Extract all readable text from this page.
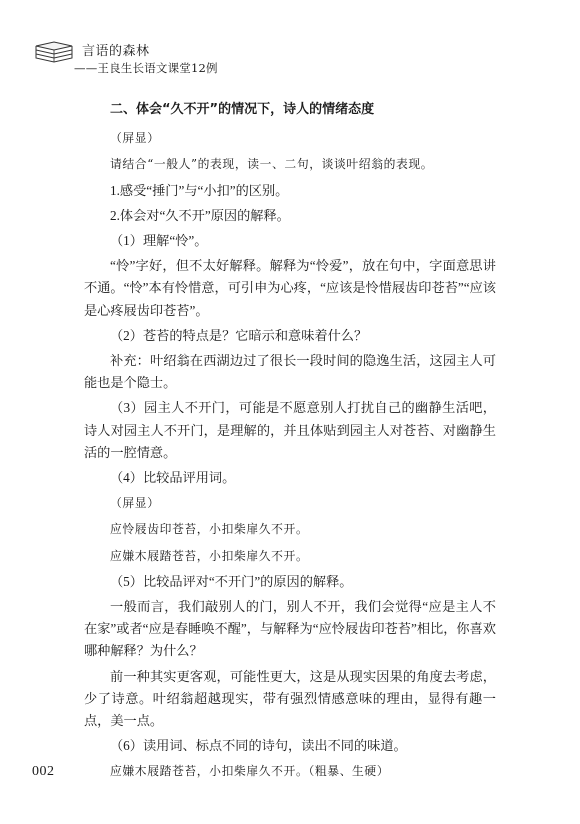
言语的森林
——王良生长语文课堂12例
二、体会“久不开”的情况下，诗人的情绪态度
（屏显）
请结合“一般人”的表现，读一、二句，谈谈叶绍翁的表现。
1.感受“捶门”与“小扣”的区别。
2.体会对“久不开”原因的解释。
（1）理解“怜”。
“怜”字好，但不太好解释。解释为“怜爱”，放在句中，字面意思讲不通。“怜”本有怜惜意，可引申为心疼，“应该是怜惜屐齿印苍苔”“应该是心疼屐齿印苍苔”。
（2）苍苔的特点是？它暗示和意味着什么？
补充：叶绍翁在西湖边过了很长一段时间的隐逸生活，这园主人可能也是个隐士。
（3）园主人不开门，可能是不愿意别人打扰自己的幽静生活吧，诗人对园主人不开门，是理解的，并且体贴到园主人对苍苔、对幽静生活的一腔情意。
（4）比较品评用词。
（屏显）
应怜屐齿印苍苔，小扣柴扉久不开。
应嫌木屐踏苍苔，小扣柴扉久不开。
（5）比较品评对“不开门”的原因的解释。
一般而言，我们敲别人的门，别人不开，我们会觉得“应是主人不在家”或者“应是春睡唤不醒”，与解释为“应怜屐齿印苍苔”相比，你喜欢哪种解释？为什么？
前一种其实更客观，可能性更大，这是从现实因果的角度去考虑，少了诗意。叶绍翁超越现实，带有强烈情感意味的理由，显得有趣一点，美一点。
（6）读用词、标点不同的诗句，读出不同的味道。
应嫌木屐踏苍苔，小扣柴扉久不开。（粗暴、生硬）
002
